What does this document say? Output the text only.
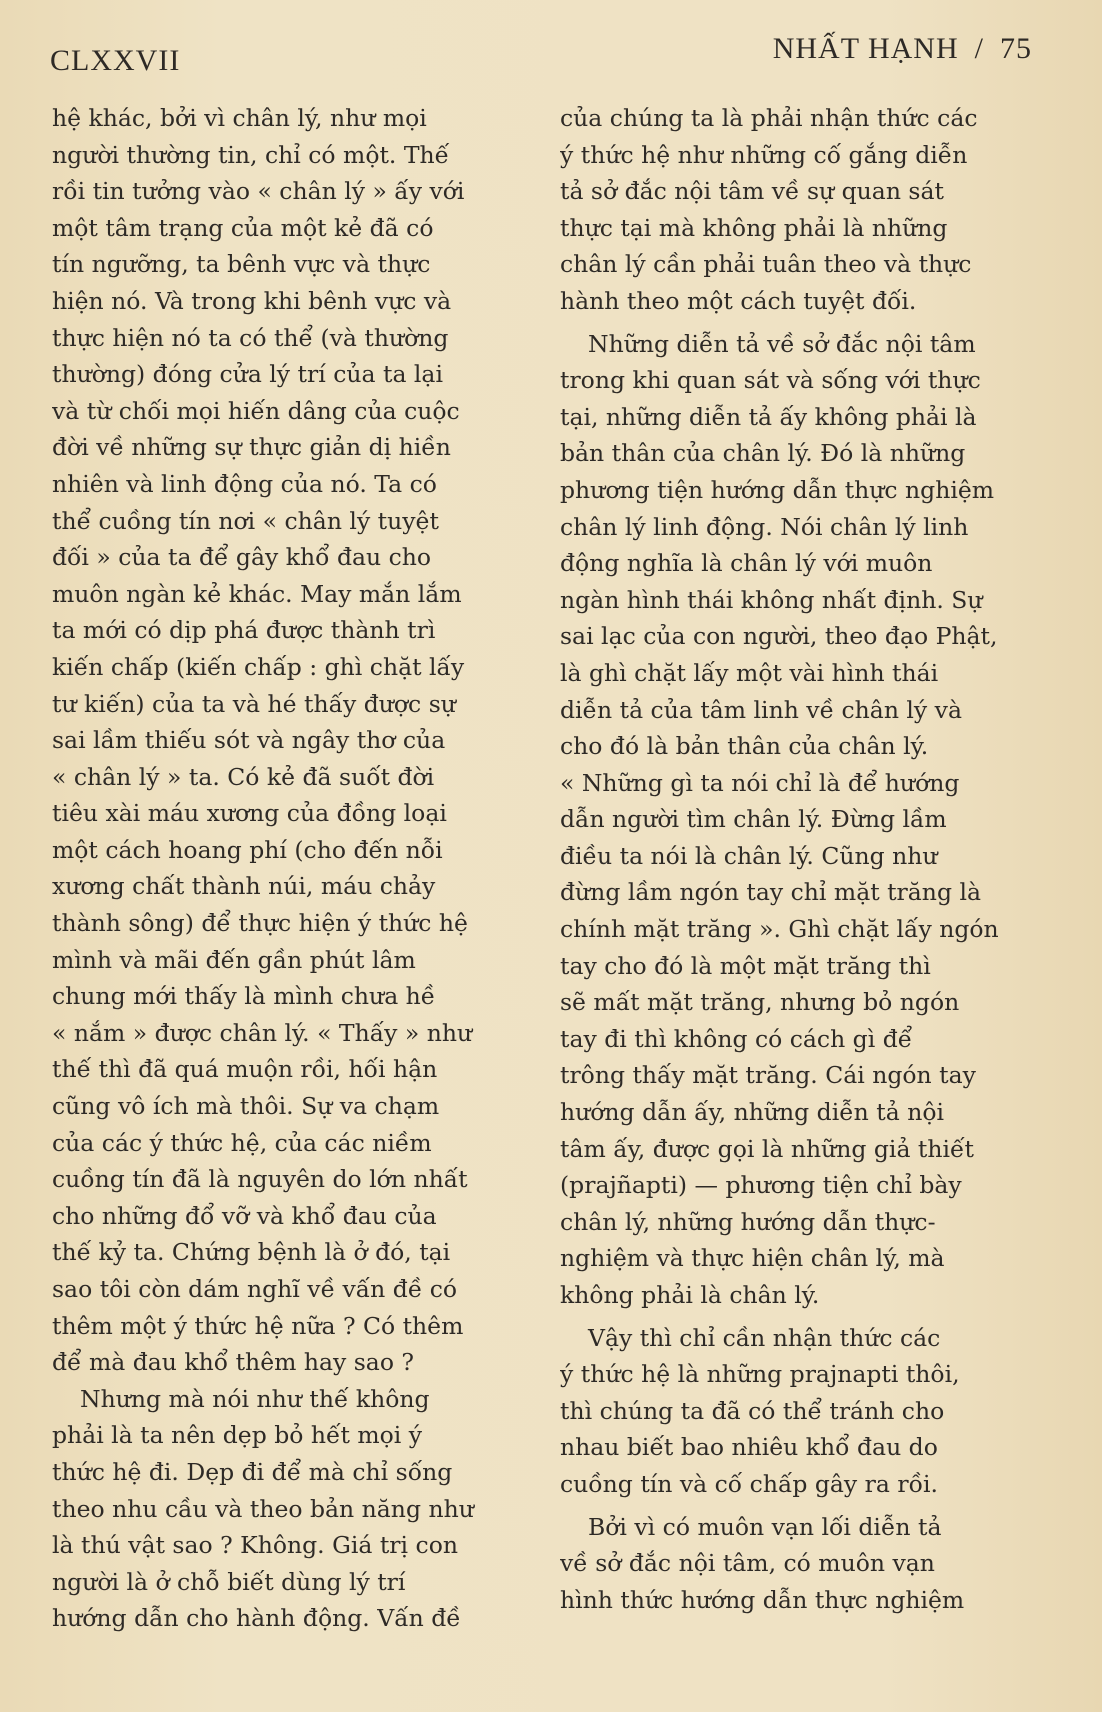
CLXXVII	NHẤT HẠNH / 75
hệ khác, bởi vì chân lý, như mọi
người thường tin, chỉ có một. Thế
rồi tin tưởng vào « chân lý » ấy với
một tâm trạng của một kẻ đã có
tín ngưỡng, ta bênh vực và thực
hiện nó. Và trong khi bênh vực và
thực hiện nó ta có thể (và thường
thường) đóng cửa lý trí của ta lại
và từ chối mọi hiến dâng của cuộc
đời về những sự thực giản dị hiền
nhiên và linh động của nó. Ta có
thể cuồng tín nơi « chân lý tuyệt
đối » của ta để gây khổ đau cho
muôn ngàn kẻ khác. May mắn lắm
ta mới có dịp phá được thành trì
kiến chấp (kiến chấp : ghì chặt lấy
tư kiến) của ta và hé thấy được sự
sai lầm thiếu sót và ngây thơ của
« chân lý » ta. Có kẻ đã suốt đời
tiêu xài máu xương của đồng loại
một cách hoang phí (cho đến nỗi
xương chất thành núi, máu chảy
thành sông) để thực hiện ý thức hệ
mình và mãi đến gần phút lâm
chung mới thấy là mình chưa hề
« nắm » được chân lý. « Thấy » như
thế thì đã quá muộn rồi, hối hận
cũng vô ích mà thôi. Sự va chạm
của các ý thức hệ, của các niềm
cuồng tín đã là nguyên do lớn nhất
cho những đổ vỡ và khổ đau của
thế kỷ ta. Chứng bệnh là ở đó, tại
sao tôi còn dám nghĩ về vấn đề có
thêm một ý thức hệ nữa ? Có thêm
để mà đau khổ thêm hay sao ?
Nhưng mà nói như thế không
phải là ta nên dẹp bỏ hết mọi ý
thức hệ đi. Dẹp đi để mà chỉ sống
theo nhu cầu và theo bản năng như
là thú vật sao ? Không. Giá trị con
người là ở chỗ biết dùng lý trí
hướng dẫn cho hành động. Vấn đề
của chúng ta là phải nhận thức các
ý thức hệ như những cố gắng diễn
tả sở đắc nội tâm về sự quan sát
thực tại mà không phải là những
chân lý cần phải tuân theo và thực
hành theo một cách tuyệt đối.
Những diễn tả về sở đắc nội tâm
trong khi quan sát và sống với thực
tại, những diễn tả ấy không phải là
bản thân của chân lý. Đó là những
phương tiện hướng dẫn thực nghiệm
chân lý linh động. Nói chân lý linh
động nghĩa là chân lý với muôn
ngàn hình thái không nhất định. Sự
sai lạc của con người, theo đạo Phật,
là ghì chặt lấy một vài hình thái
diễn tả của tâm linh về chân lý và
cho đó là bản thân của chân lý.
« Những gì ta nói chỉ là để hướng
dẫn người tìm chân lý. Đừng lầm
điều ta nói là chân lý. Cũng như
đừng lầm ngón tay chỉ mặt trăng là
chính mặt trăng ». Ghì chặt lấy ngón
tay cho đó là một mặt trăng thì
sẽ mất mặt trăng, nhưng bỏ ngón
tay đi thì không có cách gì để
trông thấy mặt trăng. Cái ngón tay
hướng dẫn ấy, những diễn tả nội
tâm ấy, được gọi là những giả thiết
(prajñapti) — phương tiện chỉ bày
chân lý, những hướng dẫn thực-
nghiệm và thực hiện chân lý, mà
không phải là chân lý.
Vậy thì chỉ cần nhận thức các
ý thức hệ là những prajnapti thôi,
thì chúng ta đã có thể tránh cho
nhau biết bao nhiêu khổ đau do
cuồng tín và cố chấp gây ra rồi.
Bởi vì có muôn vạn lối diễn tả
về sở đắc nội tâm, có muôn vạn
hình thức hướng dẫn thực nghiệm
